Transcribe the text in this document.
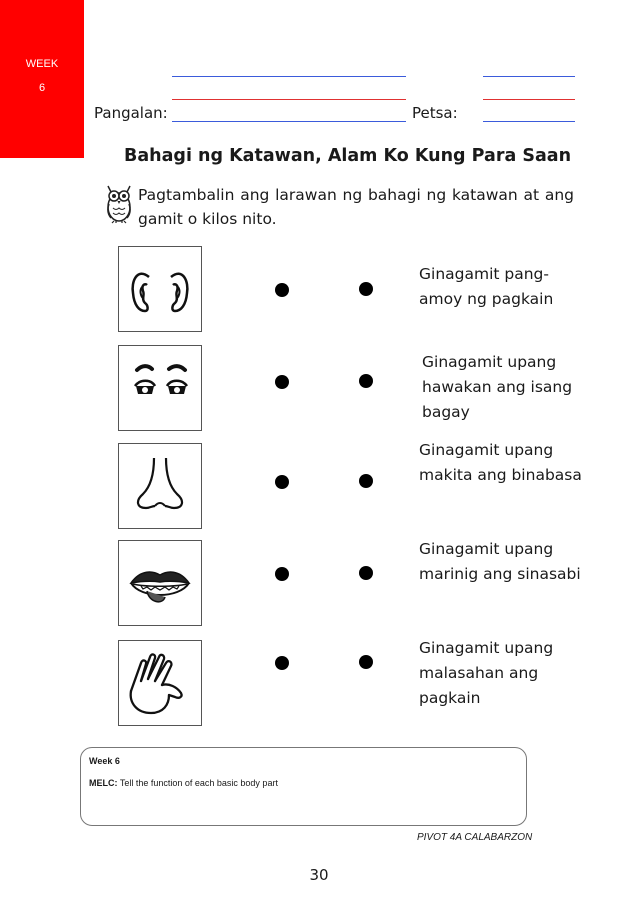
WEEK
6
Pangalan:	Petsa:
Bahagi ng Katawan, Alam Ko Kung Para Saan
Pagtambalin ang larawan ng bahagi ng katawan at ang gamit o kilos nito.
Ginagamit pang- amoy ng pagkain
Ginagamit upang hawakan ang isang bagay
Ginagamit upang makita ang binabasa
Ginagamit upang marinig ang sinasabi
Ginagamit upang malasahan ang pagkain
Week 6
MELC: Tell the function of each basic body part
PIVOT 4A CALABARZON
30
